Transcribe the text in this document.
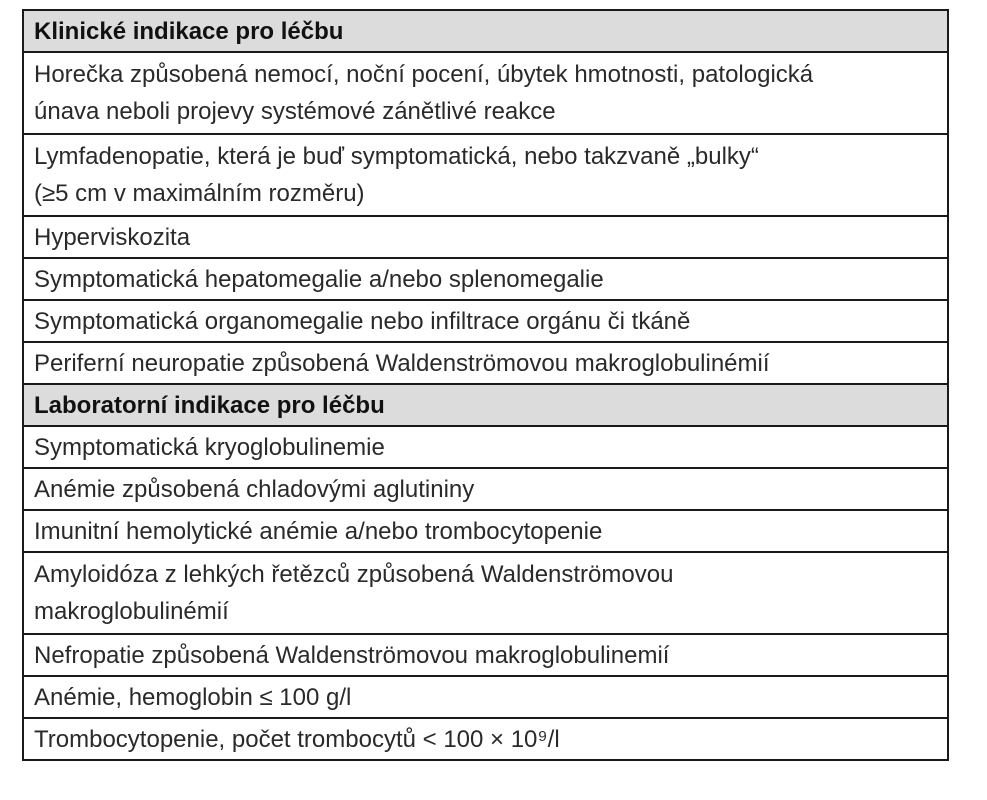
Klinické indikace pro léčbu
Horečka způsobená nemocí, noční pocení, úbytek hmotnosti, patologická
únava neboli projevy systémové zánětlivé reakce
Lymfadenopatie, která je buď symptomatická, nebo takzvaně „bulky“
(≥5 cm v maximálním rozměru)
Hyperviskozita
Symptomatická hepatomegalie a/nebo splenomegalie
Symptomatická organomegalie nebo infiltrace orgánu či tkáně
Periferní neuropatie způsobená Waldenströmovou makroglobulinémií
Laboratorní indikace pro léčbu
Symptomatická kryoglobulinemie
Anémie způsobená chladovými aglutininy
Imunitní hemolytické anémie a/nebo trombocytopenie
Amyloidóza z lehkých řetězců způsobená Waldenströmovou
makroglobulinémií
Nefropatie způsobená Waldenströmovou makroglobulinemií
Anémie, hemoglobin ≤ 100 g/l
Trombocytopenie, počet trombocytů < 100 × 10⁹/l
